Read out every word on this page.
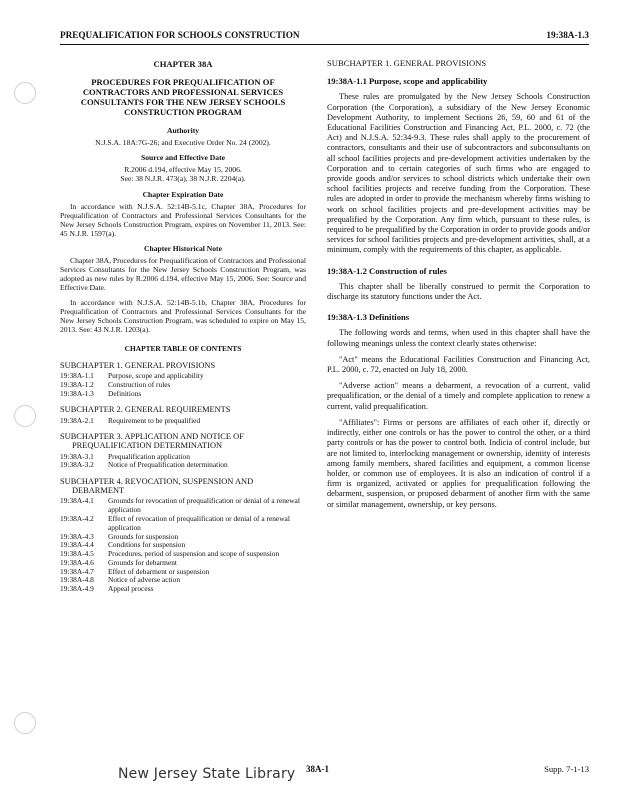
PREQUALIFICATION FOR SCHOOLS CONSTRUCTION	19:38A-1.3
CHAPTER 38A
PROCEDURES FOR PREQUALIFICATION OF CONTRACTORS AND PROFESSIONAL SERVICES CONSULTANTS FOR THE NEW JERSEY SCHOOLS CONSTRUCTION PROGRAM
Authority
N.J.S.A. 18A:7G-26; and Executive Order No. 24 (2002).
Source and Effective Date
R.2006 d.194, effective May 15, 2006.
See: 38 N.J.R. 473(a), 38 N.J.R. 2204(a).
Chapter Expiration Date
In accordance with N.J.S.A. 52:14B-5.1c, Chapter 38A, Procedures for Prequalification of Contractors and Professional Services Consultants for the New Jersey Schools Construction Program, expires on November 11, 2013. See: 45 N.J.R. 1597(a).
Chapter Historical Note
Chapter 38A, Procedures for Prequalification of Contractors and Professional Services Consultants for the New Jersey Schools Construction Program, was adopted as new rules by R.2006 d.194, effective May 15, 2006. See: Source and Effective Date.
In accordance with N.J.S.A. 52:14B-5.1b, Chapter 38A, Procedures for Prequalification of Contractors and Professional Services Consultants for the New Jersey Schools Construction Program, was scheduled to expire on May 15, 2013. See: 43 N.J.R. 1203(a).
CHAPTER TABLE OF CONTENTS
SUBCHAPTER 1. GENERAL PROVISIONS
19:38A-1.1	Purpose, scope and applicability
19:38A-1.2	Construction of rules
19:38A-1.3	Definitions
SUBCHAPTER 2. GENERAL REQUIREMENTS
19:38A-2.1	Requirement to be prequalified
SUBCHAPTER 3. APPLICATION AND NOTICE OF PREQUALIFICATION DETERMINATION
19:38A-3.1	Prequalification application
19:38A-3.2	Notice of Prequalification determination
SUBCHAPTER 4. REVOCATION, SUSPENSION AND DEBARMENT
19:38A-4.1	Grounds for revocation of prequalification or denial of a renewal application
19:38A-4.2	Effect of revocation of prequalification or denial of a renewal application
19:38A-4.3	Grounds for suspension
19:38A-4.4	Conditions for suspension
19:38A-4.5	Procedures, period of suspension and scope of suspension
19:38A-4.6	Grounds for debarment
19:38A-4.7	Effect of debarment or suspension
19:38A-4.8	Notice of adverse action
19:38A-4.9	Appeal process
SUBCHAPTER 1. GENERAL PROVISIONS
19:38A-1.1 Purpose, scope and applicability
These rules are promulgated by the New Jersey Schools Construction Corporation (the Corporation), a subsidiary of the New Jersey Economic Development Authority, to implement Sections 26, 59, 60 and 61 of the Educational Facilities Construction and Financing Act, P.L. 2000, c. 72 (the Act) and N.J.S.A. 52:34-9.3. These rules shall apply to the procurement of contractors, consultants and their use of subcontractors and subconsultants on all school facilities projects and pre-development activities undertaken by the Corporation and to certain categories of such firms who are engaged to provide goods and/or services to school districts which undertake their own school facilities projects and receive funding from the Corporation. These rules are adopted in order to provide the mechanism whereby firms wishing to work on school facilities projects and pre-development activities may be prequalified by the Corporation. Any firm which, pursuant to these rules, is required to be prequalified by the Corporation in order to provide goods and/or services for school facilities projects and pre-development activities, shall, at a minimum, comply with the requirements of this chapter, as applicable.
19:38A-1.2 Construction of rules
This chapter shall be liberally construed to permit the Corporation to discharge its statutory functions under the Act.
19:38A-1.3 Definitions
The following words and terms, when used in this chapter shall have the following meanings unless the context clearly states otherwise:
"Act" means the Educational Facilities Construction and Financing Act, P.L. 2000, c. 72, enacted on July 18, 2000.
"Adverse action" means a debarment, a revocation of a current, valid prequalification, or the denial of a timely and complete application to renew a current, valid prequalification.
"Affiliates": Firms or persons are affiliates of each other if, directly or indirectly, either one controls or has the power to control the other, or a third party controls or has the power to control both. Indicia of control include, but are not limited to, interlocking management or ownership, identity of interests among family members, shared facilities and equipment, a common license holder, or common use of employees. It is also an indication of control if a firm is organized, activated or applies for prequalification following the debarment, suspension, or proposed debarment of another firm with the same or similar management, ownership, or key persons.
New Jersey State Library 38A-1	Supp. 7-1-13
